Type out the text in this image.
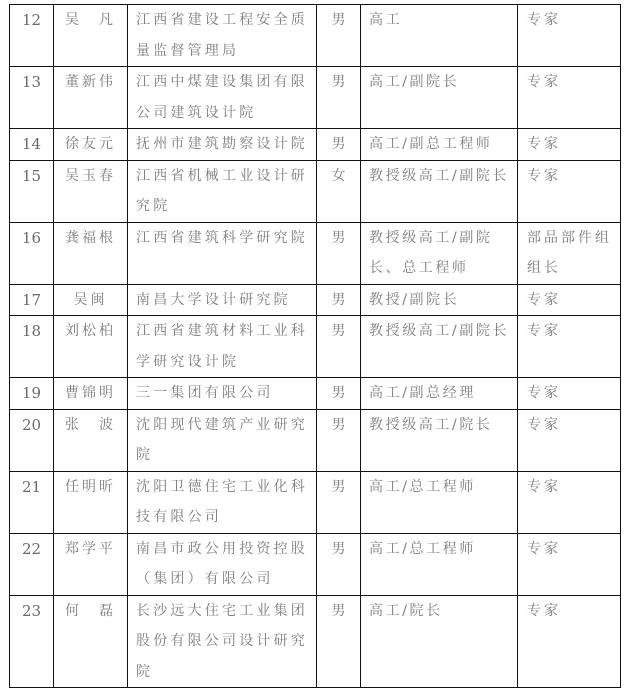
12	吴　凡	江西省建设工程安全质量监督管理局	男	高工	专家
13	董新伟	江西中煤建设集团有限公司建筑设计院	男	高工/副院长	专家
14	徐友元	抚州市建筑勘察设计院	男	高工/副总工程师	专家
15	吴玉春	江西省机械工业设计研究院	女	教授级高工/副院长	专家
16	龚福根	江西省建筑科学研究院	男	教授级高工/副院长、总工程师	部品部件组组长
17	吴闽	南昌大学设计研究院	男	教授/副院长	专家
18	刘松柏	江西省建筑材料工业科学研究设计院	男	教授级高工/副院长	专家
19	曹锦明	三一集团有限公司	男	高工/副总经理	专家
20	张　波	沈阳现代建筑产业研究院	男	教授级高工/院长	专家
21	任明昕	沈阳卫德住宅工业化科技有限公司	男	高工/总工程师	专家
22	郑学平	南昌市政公用投资控股（集团）有限公司	男	高工/总工程师	专家
23	何　磊	长沙远大住宅工业集团股份有限公司设计研究院	男	高工/院长	专家
